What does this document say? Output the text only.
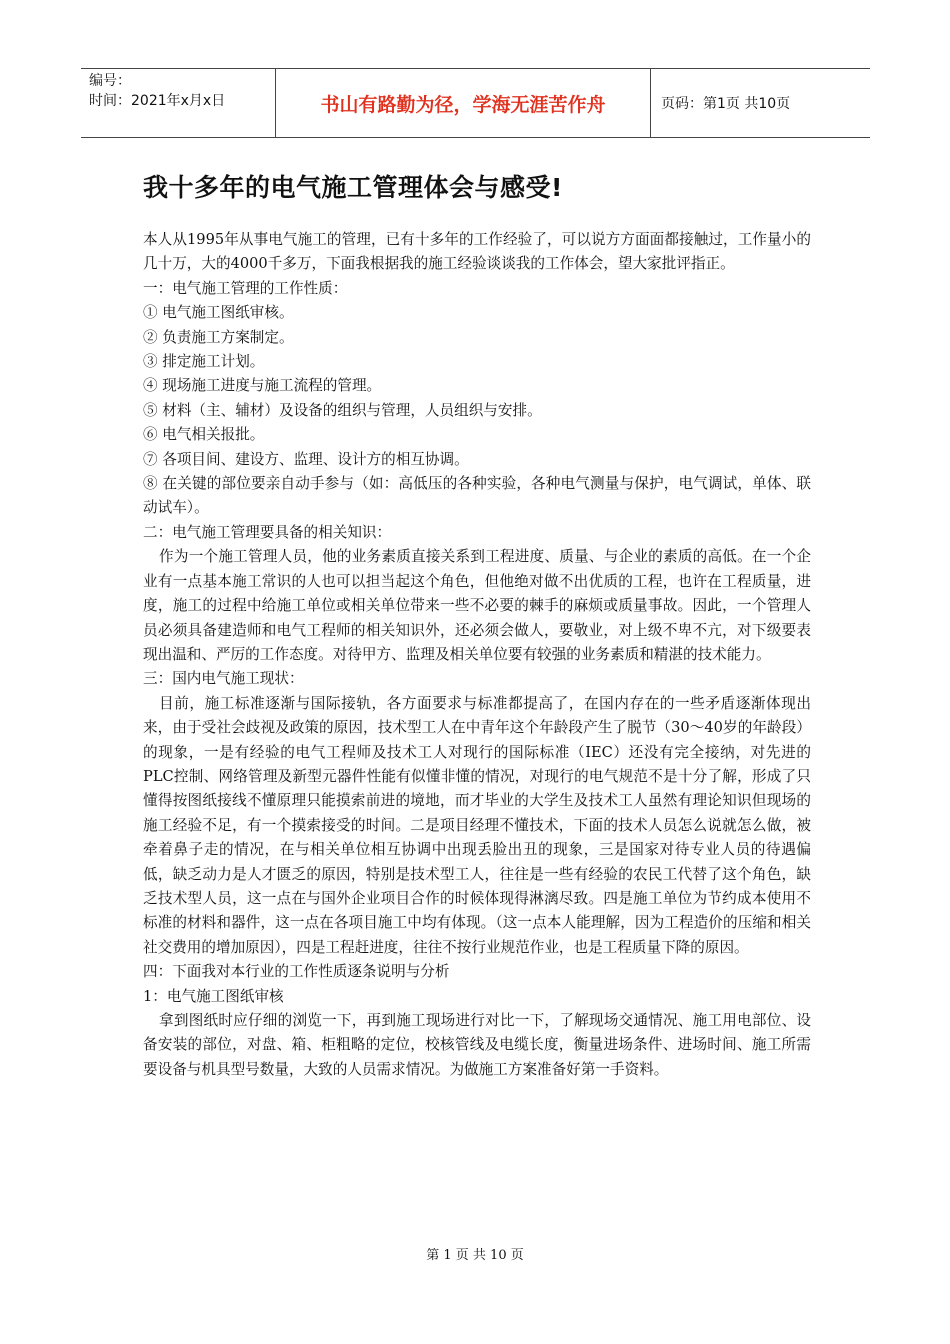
编号：
时间：2021年x月x日	书山有路勤为径，学海无涯苦作舟	页码：第1页 共10页
我十多年的电气施工管理体会与感受!

本人从1995年从事电气施工的管理，已有十多年的工作经验了，可以说方方面面都接触过，工作量小的几十万，大的4000千多万，下面我根据我的施工经验谈谈我的工作体会，望大家批评指正。

一：电气施工管理的工作性质：

① 电气施工图纸审核。

② 负责施工方案制定。

③ 排定施工计划。

④ 现场施工进度与施工流程的管理。

⑤ 材料（主、辅材）及设备的组织与管理，人员组织与安排。

⑥ 电气相关报批。

⑦ 各项目间、建设方、监理、设计方的相互协调。

⑧ 在关键的部位要亲自动手参与（如：高低压的各种实验，各种电气测量与保护，电气调试，单体、联动试车）。

二：电气施工管理要具备的相关知识：

作为一个施工管理人员，他的业务素质直接关系到工程进度、质量、与企业的素质的高低。在一个企业有一点基本施工常识的人也可以担当起这个角色，但他绝对做不出优质的工程，也许在工程质量，进度，施工的过程中给施工单位或相关单位带来一些不必要的棘手的麻烦或质量事故。因此，一个管理人员必须具备建造师和电气工程师的相关知识外，还必须会做人，要敬业，对上级不卑不亢，对下级要表现出温和、严厉的工作态度。对待甲方、监理及相关单位要有较强的业务素质和精湛的技术能力。

三：国内电气施工现状：

目前，施工标准逐渐与国际接轨，各方面要求与标准都提高了，在国内存在的一些矛盾逐渐体现出来，由于受社会歧视及政策的原因，技术型工人在中青年这个年龄段产生了脱节（30～40岁的年龄段）的现象，一是有经验的电气工程师及技术工人对现行的国际标准（IEC）还没有完全接纳，对先进的PLC控制、网络管理及新型元器件性能有似懂非懂的情况，对现行的电气规范不是十分了解，形成了只懂得按图纸接线不懂原理只能摸索前进的境地，而才毕业的大学生及技术工人虽然有理论知识但现场的施工经验不足，有一个摸索接受的时间。二是项目经理不懂技术，下面的技术人员怎么说就怎么做，被牵着鼻子走的情况，在与相关单位相互协调中出现丢脸出丑的现象，三是国家对待专业人员的待遇偏低，缺乏动力是人才匮乏的原因，特别是技术型工人，往往是一些有经验的农民工代替了这个角色，缺乏技术型人员，这一点在与国外企业项目合作的时候体现得淋漓尽致。四是施工单位为节约成本使用不标准的材料和器件，这一点在各项目施工中均有体现。（这一点本人能理解，因为工程造价的压缩和相关社交费用的增加原因），四是工程赶进度，往往不按行业规范作业，也是工程质量下降的原因。

四：下面我对本行业的工作性质逐条说明与分析

1：电气施工图纸审核

拿到图纸时应仔细的浏览一下，再到施工现场进行对比一下，了解现场交通情况、施工用电部位、设备安装的部位，对盘、箱、柜粗略的定位，校核管线及电缆长度，衡量进场条件、进场时间、施工所需要设备与机具型号数量，大致的人员需求情况。为做施工方案准备好第一手资料。

第 1 页 共 10 页
